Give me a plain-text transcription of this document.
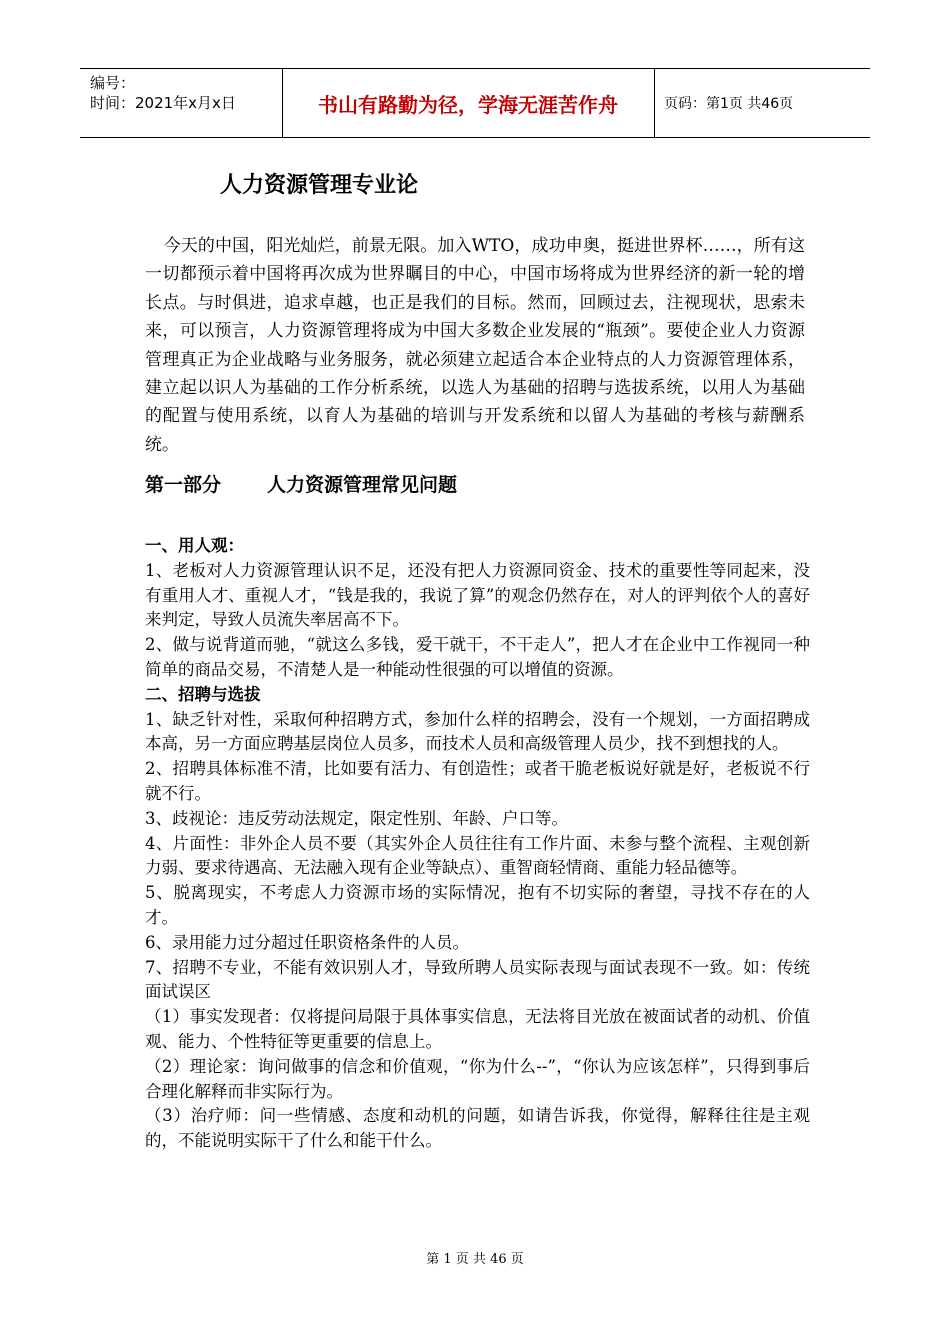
编号：
时间：2021年x月x日	书山有路勤为径，学海无涯苦作舟	页码：第1页 共46页
人力资源管理专业论

今天的中国，阳光灿烂，前景无限。加入WTO，成功申奥，挺进世界杯……，所有这一切都预示着中国将再次成为世界瞩目的中心，中国市场将成为世界经济的新一轮的增长点。与时俱进，追求卓越，也正是我们的目标。然而，回顾过去，注视现状，思索未来，可以预言，人力资源管理将成为中国大多数企业发展的“瓶颈”。要使企业人力资源管理真正为企业战略与业务服务，就必须建立起适合本企业特点的人力资源管理体系，建立起以识人为基础的工作分析系统，以选人为基础的招聘与选拔系统，以用人为基础的配置与使用系统，以育人为基础的培训与开发系统和以留人为基础的考核与薪酬系统。

第一部分 人力资源管理常见问题
一、用人观：

1、老板对人力资源管理认识不足，还没有把人力资源同资金、技术的重要性等同起来，没有重用人才、重视人才，“钱是我的，我说了算”的观念仍然存在，对人的评判依个人的喜好来判定，导致人员流失率居高不下。

2、做与说背道而驰，“就这么多钱，爱干就干，不干走人”，把人才在企业中工作视同一种简单的商品交易，不清楚人是一种能动性很强的可以增值的资源。

二、招聘与选拔

1、缺乏针对性，采取何种招聘方式，参加什么样的招聘会，没有一个规划，一方面招聘成本高，另一方面应聘基层岗位人员多，而技术人员和高级管理人员少，找不到想找的人。

2、招聘具体标准不清，比如要有活力、有创造性；或者干脆老板说好就是好，老板说不行就不行。

3、歧视论：违反劳动法规定，限定性别、年龄、户口等。

4、片面性：非外企人员不要（其实外企人员往往有工作片面、未参与整个流程、主观创新力弱、要求待遇高、无法融入现有企业等缺点）、重智商轻情商、重能力轻品德等。

5、脱离现实，不考虑人力资源市场的实际情况，抱有不切实际的奢望，寻找不存在的人才。

6、录用能力过分超过任职资格条件的人员。

7、招聘不专业，不能有效识别人才，导致所聘人员实际表现与面试表现不一致。如：传统面试误区

（1）事实发现者：仅将提问局限于具体事实信息，无法将目光放在被面试者的动机、价值观、能力、个性特征等更重要的信息上。

（2）理论家：询问做事的信念和价值观，“你为什么--”，“你认为应该怎样”，只得到事后合理化解释而非实际行为。

（3）治疗师：问一些情感、态度和动机的问题，如请告诉我，你觉得，解释往往是主观的，不能说明实际干了什么和能干什么。

第 1 页 共 46 页
